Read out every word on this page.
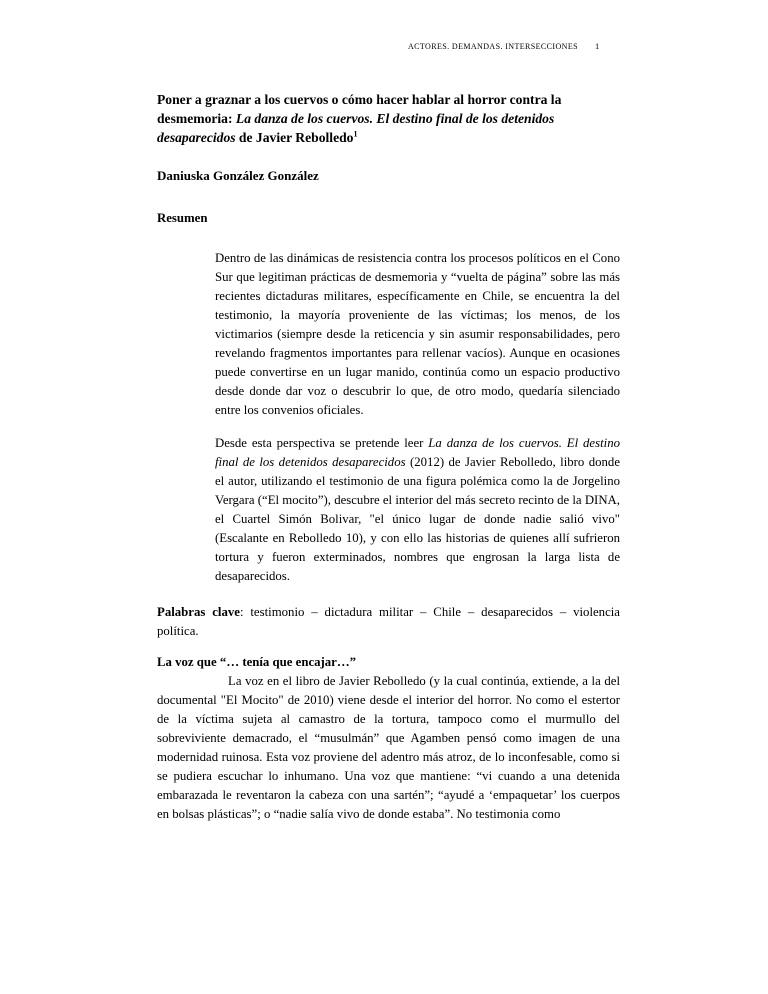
ACTORES. DEMANDAS. INTERSECCIONES 1
Poner a graznar a los cuervos o cómo hacer hablar al horror contra la desmemoria: La danza de los cuervos. El destino final de los detenidos desaparecidos de Javier Rebolledo$^1$

Daniuska González González

Resumen

Dentro de las dinámicas de resistencia contra los procesos políticos en el Cono Sur que legitiman prácticas de desmemoria y “vuelta de página” sobre las más recientes dictaduras militares, específicamente en Chile, se encuentra la del testimonio, la mayoría proveniente de las víctimas; los menos, de los victimarios (siempre desde la reticencia y sin asumir responsabilidades, pero revelando fragmentos importantes para rellenar vacíos). Aunque en ocasiones puede convertirse en un lugar manido, continúa como un espacio productivo desde donde dar voz o descubrir lo que, de otro modo, quedaría silenciado entre los convenios oficiales.

Desde esta perspectiva se pretende leer La danza de los cuervos. El destino final de los detenidos desaparecidos (2012) de Javier Rebolledo, libro donde el autor, utilizando el testimonio de una figura polémica como la de Jorgelino Vergara (“El mocito”), descubre el interior del más secreto recinto de la DINA, el Cuartel Simón Bolivar, "el único lugar de donde nadie salió vivo" (Escalante en Rebolledo 10), y con ello las historias de quienes allí sufrieron tortura y fueron exterminados, nombres que engrosan la larga lista de desaparecidos.

Palabras clave: testimonio – dictadura militar – Chile – desaparecidos – violencia política.

La voz que “… tenía que encajar…”

La voz en el libro de Javier Rebolledo (y la cual continúa, extiende, a la del documental "El Mocito" de 2010) viene desde el interior del horror. No como el estertor de la víctima sujeta al camastro de la tortura, tampoco como el murmullo del sobreviviente demacrado, el “musulmán” que Agamben pensó como imagen de una modernidad ruinosa. Esta voz proviene del adentro más atroz, de lo inconfesable, como si se pudiera escuchar lo inhumano. Una voz que mantiene: “vi cuando a una detenida embarazada le reventaron la cabeza con una sartén”; “ayudé a ‘empaquetar’ los cuerpos en bolsas plásticas”; o “nadie salía vivo de donde estaba”. No testimonia como
